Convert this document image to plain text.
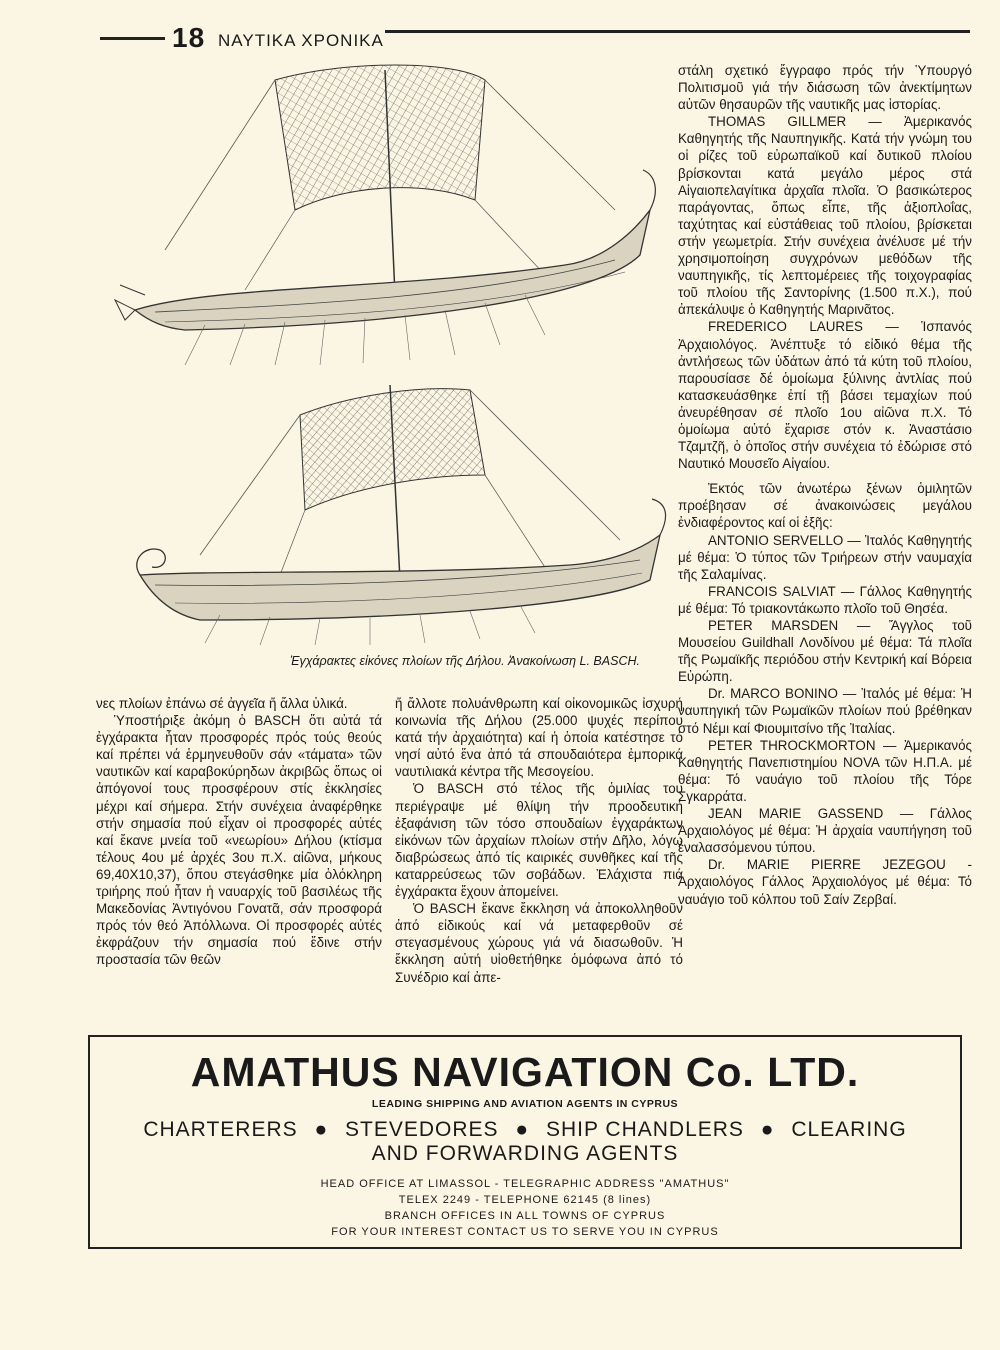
18 ΝΑΥΤΙΚΑ ΧΡΟΝΙΚΑ
Ἐγχάρακτες εἰκόνες πλοίων τῆς Δήλου. Ἀνακοίνωση L. BASCH.

στάλη σχετικό ἔγγραφο πρός τήν Ὑπουργό Πολιτισμοῦ γιά τήν διάσωση τῶν ἀνεκτίμητων αὐτῶν θησαυρῶν τῆς ναυτικῆς μας ἱστορίας.

THOMAS GILLMER — Ἀμερικανός Καθηγητής τῆς Ναυπηγικῆς. Κατά τήν γνώμη του οἱ ρίζες τοῦ εὐρωπαϊκοῦ καί δυτικοῦ πλοίου βρίσκονται κατά μεγάλο μέρος στά Αἰγαιοπελαγίτικα ἀρχαῖα πλοῖα. Ὁ βασικώτερος παράγοντας, ὅπως εἶπε, τῆς ἀξιοπλοΐας, ταχύτητας καί εὐστάθειας τοῦ πλοίου, βρίσκεται στήν γεωμετρία. Στήν συνέχεια ἀνέλυσε μέ τήν χρησιμοποίηση συγχρόνων μεθόδων τῆς ναυπηγικῆς, τίς λεπτομέρειες τῆς τοιχογραφίας τοῦ πλοίου τῆς Σαντορίνης (1.500 π.Χ.), πού ἀπεκάλυψε ὁ Καθηγητής Μαρινᾶτος.

FREDERICO LAURES — Ἱσπανός Ἀρχαιολόγος. Ἀνέπτυξε τό εἰδικό θέμα τῆς ἀντλήσεως τῶν ὑδάτων ἀπό τά κύτη τοῦ πλοίου, παρουσίασε δέ ὁμοίωμα ξύλινης ἀντλίας πού κατασκευάσθηκε ἐπί τῇ βάσει τεμαχίων πού ἀνευρέθησαν σέ πλοῖο 1ου αἰῶνα π.Χ. Τό ὁμοίωμα αὐτό ἔχαρισε στόν κ. Ἀναστάσιο Τζαμτζῆ, ὁ ὁποῖος στήν συνέχεια τό ἐδώρισε στό Ναυτικό Μουσεῖο Αἰγαίου.

Ἐκτός τῶν ἀνωτέρω ξένων ὁμιλητῶν προέβησαν σέ ἀνακοινώσεις μεγάλου ἐνδιαφέροντος καί οἱ ἑξῆς:

ANTONIO SERVELLO — Ἰταλός Καθηγητής μέ θέμα: Ὁ τύπος τῶν Τριήρεων στήν ναυμαχία τῆς Σαλαμίνας.

FRANCOIS SALVIAT — Γάλλος Καθηγητής μέ θέμα: Τό τριακοντάκωπο πλοῖο τοῦ Θησέα.

PETER MARSDEN — Ἄγγλος τοῦ Μουσείου Guildhall Λονδίνου μέ θέμα: Τά πλοῖα τῆς Ρωμαϊκῆς περιόδου στήν Κεντρική καί Βόρεια Εὐρώπη.

Dr. MARCO BONINO — Ἰταλός μέ θέμα: Ἡ ναυπηγική τῶν Ρωμαϊκῶν πλοίων πού βρέθηκαν στό Νέμι καί Φιουμιτσίνο τῆς Ἰταλίας.

PETER THROCKMORTON — Ἀμερικανός Καθηγητής Πανεπιστημίου NOVA τῶν Η.Π.Α. μέ θέμα: Τό ναυάγιο τοῦ πλοίου τῆς Τόρε Σγκαρράτα.

JEAN MARIE GASSEND — Γάλλος Ἀρχαιολόγος μέ θέμα: Ἡ ἀρχαία ναυπήγηση τοῦ ἐναλασσόμενου τύπου.

Dr. MARIE PIERRE JEZEGOU - Ἀρχαιολόγος Γάλλος Ἀρχαιολόγος μέ θέμα: Τό ναυάγιο τοῦ κόλπου τοῦ Σαίν Ζερβαί.

νες πλοίων ἐπάνω σέ ἀγγεῖα ἤ ἄλλα ὑλικά.

Ὑποστήριξε ἀκόμη ὁ BASCH ὅτι αὐτά τά ἐγχάρακτα ἦταν προσφορές πρός τούς θεούς καί πρέπει νά ἑρμηνευθοῦν σάν «τάματα» τῶν ναυτικῶν καί καραβοκύρηδων ἀκριβῶς ὅπως οἱ ἀπόγονοί τους προσφέρουν στίς ἐκκλησίες μέχρι καί σήμερα. Στήν συνέχεια ἀναφέρθηκε στήν σημασία πού εἶχαν οἱ προσφορές αὐτές καί ἔκανε μνεία τοῦ «νεωρίου» Δήλου (κτίσμα τέλους 4ου μέ ἀρχές 3ου π.Χ. αἰῶνα, μήκους 69,40Χ10,37), ὅπου στεγάσθηκε μία ὁλόκληρη τριήρης πού ἦταν ἡ ναυαρχίς τοῦ βασιλέως τῆς Μακεδονίας Ἀντιγόνου Γονατᾶ, σάν προσφορά πρός τόν θεό Ἀπόλλωνα. Οἱ προσφορές αὐτές ἐκφράζουν τήν σημασία πού ἔδινε στήν προστασία τῶν θεῶν

ἤ ἄλλοτε πολυάνθρωπη καί οἰκονομικῶς ἰσχυρή κοινωνία τῆς Δήλου (25.000 ψυχές περίπου κατά τήν ἀρχαιότητα) καί ἡ ὁποία κατέστησε τό νησί αὐτό ἕνα ἀπό τά σπουδαιότερα ἐμπορικά ναυτιλιακά κέντρα τῆς Μεσογείου.

Ὁ BASCH στό τέλος τῆς ὁμιλίας του περιέγραψε μέ θλίψη τήν προοδευτική ἐξαφάνιση τῶν τόσο σπουδαίων ἐγχαράκτων εἰκόνων τῶν ἀρχαίων πλοίων στήν Δῆλο, λόγω διαβρώσεως ἀπό τίς καιρικές συνθῆκες καί τῆς καταρρεύσεως τῶν σοβάδων. Ἐλάχιστα πιά ἐγχάρακτα ἔχουν ἀπομείνει.

Ὁ BASCH ἔκανε ἔκκληση νά ἀποκολληθοῦν ἀπό εἰδικούς καί νά μεταφερθοῦν σέ στεγασμένους χώρους γιά νά διασωθοῦν. Ἡ ἔκκληση αὐτή υἱοθετήθηκε ὁμόφωνα ἀπό τό Συνέδριο καί ἀπε-

AMATHUS NAVIGATION Co. LTD.
LEADING SHIPPING AND AVIATION AGENTS IN CYPRUS
CHARTERERS ● STEVEDORES ● SHIP CHANDLERS ● CLEARING
AND FORWARDING AGENTS
HEAD OFFICE AT LIMASSOL - TELEGRAPHIC ADDRESS "AMATHUS"
TELEX 2249 - TELEPHONE 62145 (8 lines)
BRANCH OFFICES IN ALL TOWNS OF CYPRUS
FOR YOUR INTEREST CONTACT US TO SERVE YOU IN CYPRUS
